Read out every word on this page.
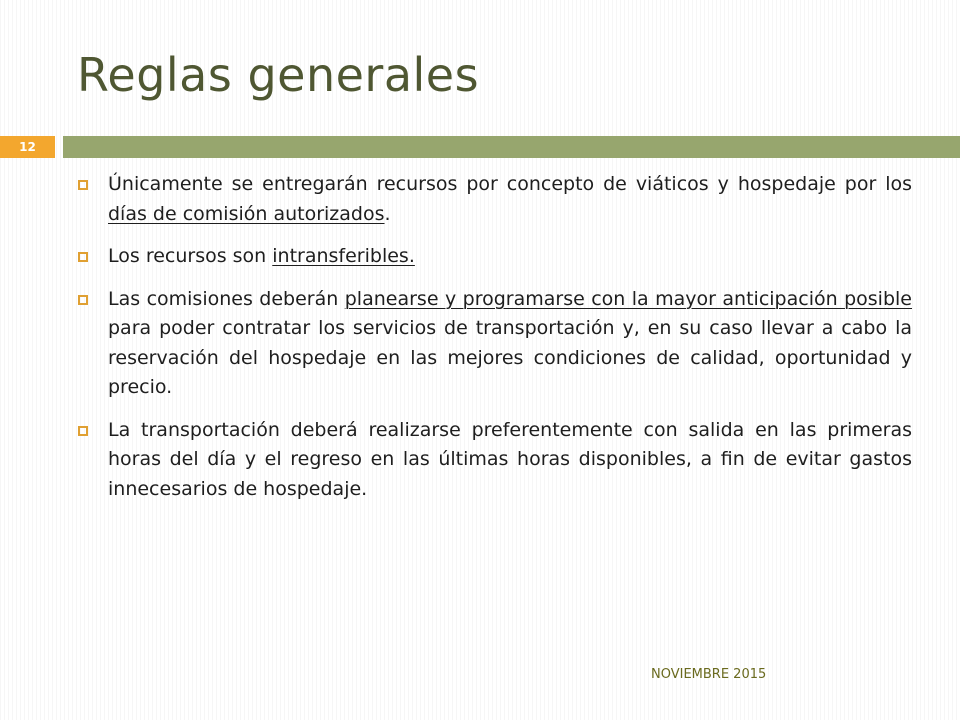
Reglas generales
12
Únicamente se entregarán recursos por concepto de viáticos y hospedaje por los días de comisión autorizados.
Los recursos son intransferibles.
Las comisiones deberán planearse y programarse con la mayor anticipación posible para poder contratar los servicios de transportación y, en su caso llevar a cabo la reservación del hospedaje en las mejores condiciones de calidad, oportunidad y precio.
La transportación deberá realizarse preferentemente con salida en las primeras horas del día y el regreso en las últimas horas disponibles, a fin de evitar gastos innecesarios de hospedaje.
NOVIEMBRE 2015
